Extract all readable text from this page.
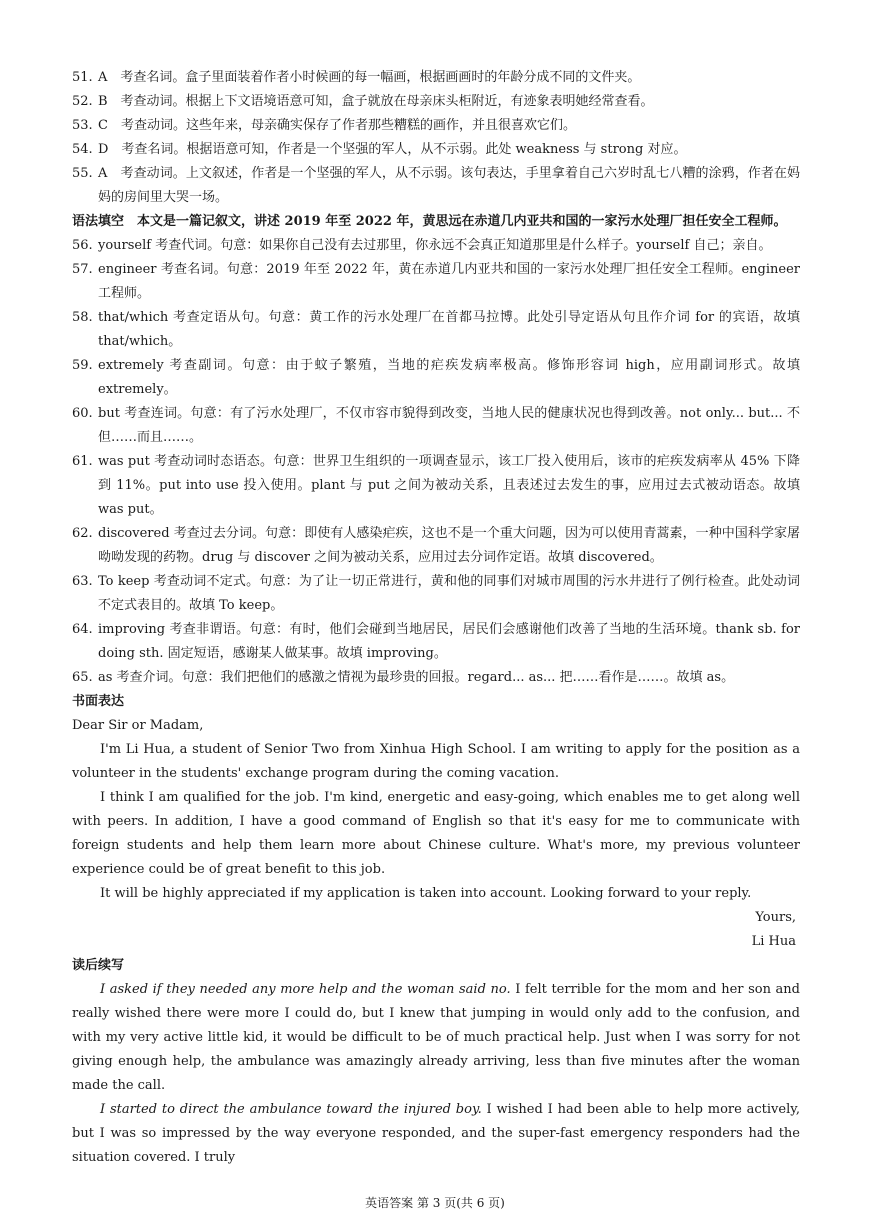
51. A　考查名词。盒子里面装着作者小时候画的每一幅画，根据画画时的年龄分成不同的文件夹。
52. B　考查动词。根据上下文语境语意可知，盒子就放在母亲床头柜附近，有迹象表明她经常查看。
53. C　考查动词。这些年来，母亲确实保存了作者那些糟糕的画作，并且很喜欢它们。
54. D　考查名词。根据语意可知，作者是一个坚强的军人，从不示弱。此处 weakness 与 strong 对应。
55. A　考查动词。上文叙述，作者是一个坚强的军人，从不示弱。该句表达，手里拿着自己六岁时乱七八糟的涂鸦，作者在妈妈的房间里大哭一场。
语法填空　本文是一篇记叙文，讲述 2019 年至 2022 年，黄思远在赤道几内亚共和国的一家污水处理厂担任安全工程师。
56. yourself 考查代词。句意：如果你自己没有去过那里，你永远不会真正知道那里是什么样子。yourself 自己；亲自。
57. engineer 考查名词。句意：2019 年至 2022 年，黄在赤道几内亚共和国的一家污水处理厂担任安全工程师。engineer 工程师。
58. that/which 考查定语从句。句意：黄工作的污水处理厂在首都马拉博。此处引导定语从句且作介词 for 的宾语，故填 that/which。
59. extremely 考查副词。句意：由于蚊子繁殖，当地的疟疾发病率极高。修饰形容词 high，应用副词形式。故填 extremely。
60. but 考查连词。句意：有了污水处理厂，不仅市容市貌得到改变，当地人民的健康状况也得到改善。not only... but... 不但……而且……。
61. was put 考查动词时态语态。句意：世界卫生组织的一项调查显示，该工厂投入使用后，该市的疟疾发病率从 45% 下降到 11%。put into use 投入使用。plant 与 put 之间为被动关系，且表述过去发生的事，应用过去式被动语态。故填 was put。
62. discovered 考查过去分词。句意：即使有人感染疟疾，这也不是一个重大问题，因为可以使用青蒿素，一种中国科学家屠呦呦发现的药物。drug 与 discover 之间为被动关系，应用过去分词作定语。故填 discovered。
63. To keep 考查动词不定式。句意：为了让一切正常进行，黄和他的同事们对城市周围的污水井进行了例行检查。此处动词不定式表目的。故填 To keep。
64. improving 考查非谓语。句意：有时，他们会碰到当地居民，居民们会感谢他们改善了当地的生活环境。thank sb. for doing sth. 固定短语，感谢某人做某事。故填 improving。
65. as 考查介词。句意：我们把他们的感激之情视为最珍贵的回报。regard... as... 把……看作是……。故填 as。
书面表达
Dear Sir or Madam,
I'm Li Hua, a student of Senior Two from Xinhua High School. I am writing to apply for the position as a volunteer in the students' exchange program during the coming vacation.
I think I am qualified for the job. I'm kind, energetic and easy-going, which enables me to get along well with peers. In addition, I have a good command of English so that it's easy for me to communicate with foreign students and help them learn more about Chinese culture. What's more, my previous volunteer experience could be of great benefit to this job.
It will be highly appreciated if my application is taken into account. Looking forward to your reply.
Yours,
Li Hua
读后续写
I asked if they needed any more help and the woman said no. I felt terrible for the mom and her son and really wished there were more I could do, but I knew that jumping in would only add to the confusion, and with my very active little kid, it would be difficult to be of much practical help. Just when I was sorry for not giving enough help, the ambulance was amazingly already arriving, less than five minutes after the woman made the call.
I started to direct the ambulance toward the injured boy. I wished I had been able to help more actively, but I was so impressed by the way everyone responded, and the super-fast emergency responders had the situation covered. I truly
英语答案 第 3 页(共 6 页)
